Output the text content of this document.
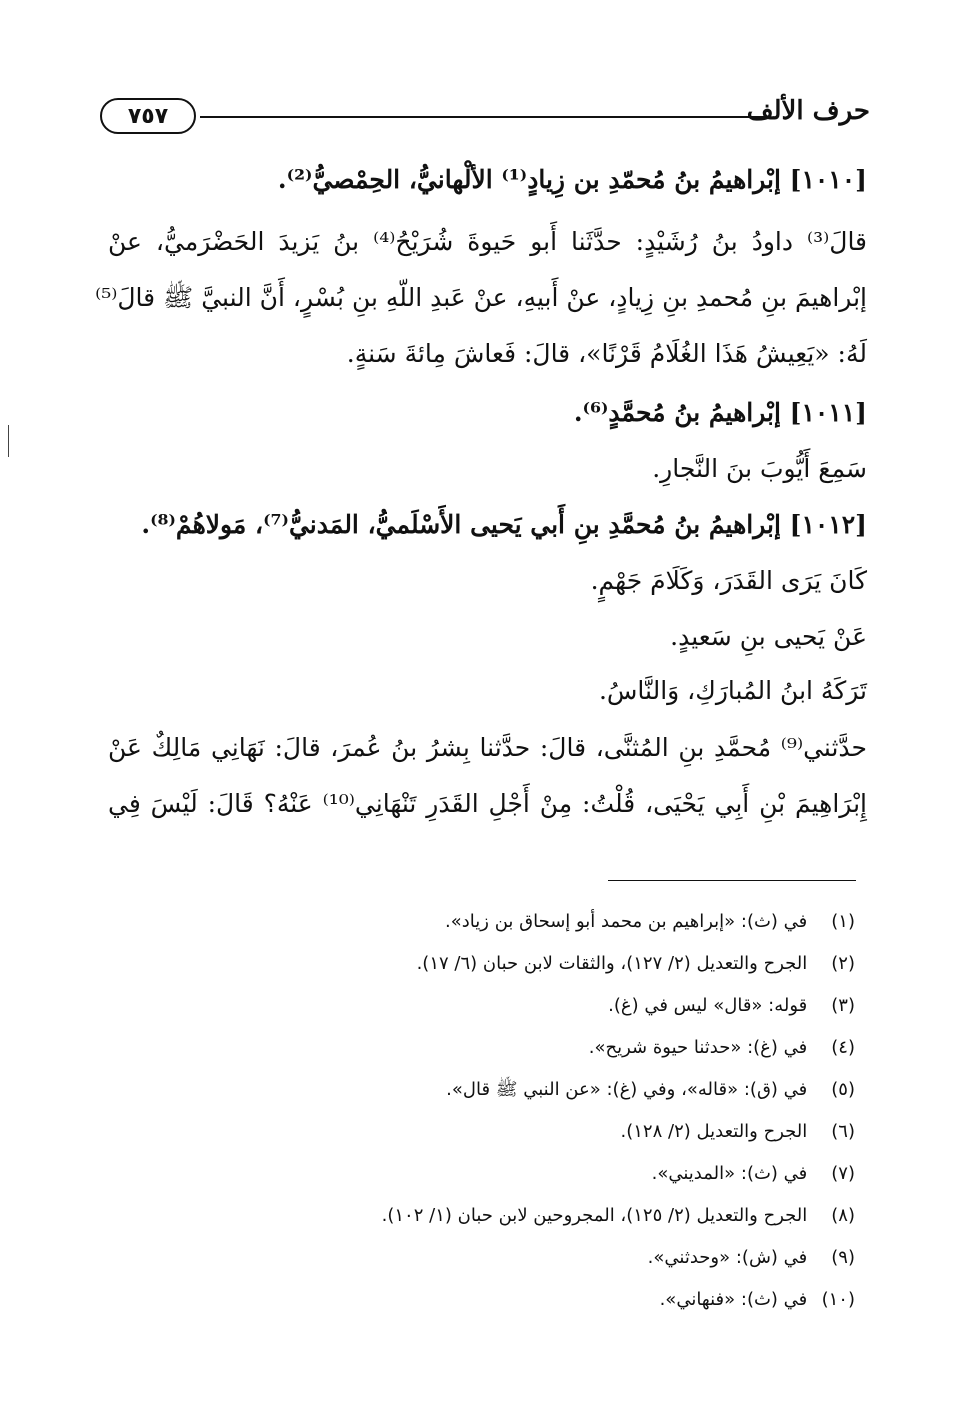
٧٥٧	حرف الألف
[١٠١٠] إبْراهيمُ بنُ مُحمّدِ بن زِيادٍ⁽¹⁾ الألْهانيُّ، الحِمْصيُّ⁽²⁾.
قالَ⁽³⁾ داودُ بنُ رُشَيْدٍ: حدَّثَنا أَبو حَيوةَ شُرَيْحُ⁽⁴⁾ بنُ يَزيدَ الحَضْرَميُّ، عنْ
إبْراهيمَ بنِ مُحمدِ بنِ زِيادٍ، عنْ أَبيهِ، عنْ عَبدِ اللّهِ بنِ بُسْرٍ، أَنَّ النبيَّ ﷺ قالَ⁽⁵⁾
لَهُ: «يَعِيشُ هَذَا الغُلَامُ قَرْنًا»، قالَ: فَعاشَ مِائةَ سَنةٍ.
[١٠١١] إبْراهيمُ بنُ مُحمَّدٍ⁽⁶⁾.
سَمِعَ أَيُّوبَ بنَ النَّجارِ.
[١٠١٢] إبْراهيمُ بنُ مُحمَّدِ بنِ أَبي يَحيى الأَسْلَميُّ، المَدنيُّ⁽⁷⁾، مَولاهُمْ⁽⁸⁾.
كَانَ يَرَى القَدَرَ، وَكَلَامَ جَهْمٍ.
عَنْ يَحيى بنِ سَعيدٍ.
تَرَكَهُ ابنُ المُبارَكِ، وَالنَّاسُ.
حدَّثني⁽⁹⁾ مُحمَّدِ بنِ المُثنَّى، قالَ: حدَّثنا بِشرُ بنُ عُمرَ، قالَ: نَهَانِي مَالِكٌ عَنْ
إِبْرَاهِيمَ بْنِ أَبِي يَحْيَى، قُلْتُ: مِنْ أَجْلِ القَدَرِ تَنْهَانِي⁽¹⁰⁾ عَنْهُ؟ قَالَ: لَيْسَ فِي
(١) في (ث): «إبراهيم بن محمد أبو إسحاق بن زياد».
(٢) الجرح والتعديل (٢/ ١٢٧)، والثقات لابن حبان (٦/ ١٧).
(٣) قوله: «قال» ليس في (غ).
(٤) في (غ): «حدثنا حيوة شريح».
(٥) في (ق): «قاله»، وفي (غ): «عن النبي ﷺ قال».
(٦) الجرح والتعديل (٢/ ١٢٨).
(٧) في (ث): «المديني».
(٨) الجرح والتعديل (٢/ ١٢٥)، المجروحين لابن حبان (١/ ١٠٢).
(٩) في (ش): «وحدثني».
(١٠) في (ث): «فنهاني».
